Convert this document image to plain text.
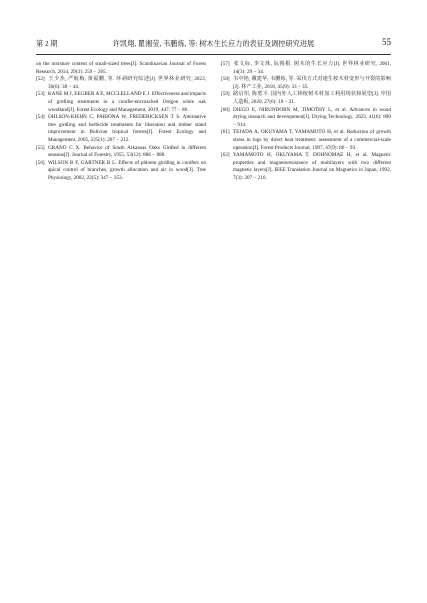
第 2 期	许凯翔, 瞿湘莹, 韦鹏炼, 等: 树木生长应力的表征及调控研究进展	55

on the moisture content of small-sized trees[J]. Scandinavian Journal of Forest Research, 2014, 29(3): 259 − 265.

[52] 王少杰, 严航梅, 黄福鹏, 等. 环剥研究综述[J]. 世界林业研究, 2023, 36(6): 38 − 44.

[53] KANE M J, EEGBER A E, MCCLELLAND E J. Effectiveness and impacts of girdling treatments in a conifer-encroached Oregon white oak woodland[J]. Forest Ecology and Management, 2019, 447: 77 − 86.

[54] OHLSON-KIEHN C, PARIONA W, FREDERICKSEN T S. Alternative tree girdling and herbicide treatments for liberation and timber stand improvement in Bolivian tropical forests[J]. Forest Ecology and Management, 2005, 225(1): 207 − 212.

[55] GRANO C X. Behavior of South Arkansas Oaks Girdled in different seasons[J]. Journal of Forestry, 1955, 53(12): 886 − 888.

[56] WILSON B F, GARTNER B L. Effects of phloem girdling in conifers on apical control of branches, growth allocation and air in wood[J]. Tree Physiology, 2002, 22(5): 347 − 353.

[57] 张文标, 李文珠, 阮锡根. 树木的生长应力[J]. 世界林业研究, 2001, 14(3): 29 − 34.

[58] 韦中艳, 戴建华, 韦鹏炼, 等. 采伐方式对速生桉木材变形与开裂的影响[J]. 林产工业, 2018, 45(9): 33 − 35.

[59] 路启恒, 陈勇平. 国内外人工林桉树木材加工利用现状和展望[J]. 中国人造板, 2020, 27(6): 18 − 21.

[60] DIEGO E, NIRUNDORN M, TIMOTHY L, et al. Advances in wood drying research and development[J]. Drying Technology, 2023, 41(6): 890 − 914.

[61] TEJADA A, OKUYAMA T, YAMAMOTO H, et al. Reduction of growth stress in logs by direct heat treatment: assessment of a commercial-scale operation[J]. Forest Products Journal, 1997, 47(9): 86 − 93.

[62] YAMAMOTO H, OKUYAMA T, DOHNOMAE H, et al. Magnetic properties and magnetoresistance of multilayers with two different magnetic layers[J]. IEEE Translation Journal on Magnetics in Japan, 1992, 7(3): 207 − 216.
